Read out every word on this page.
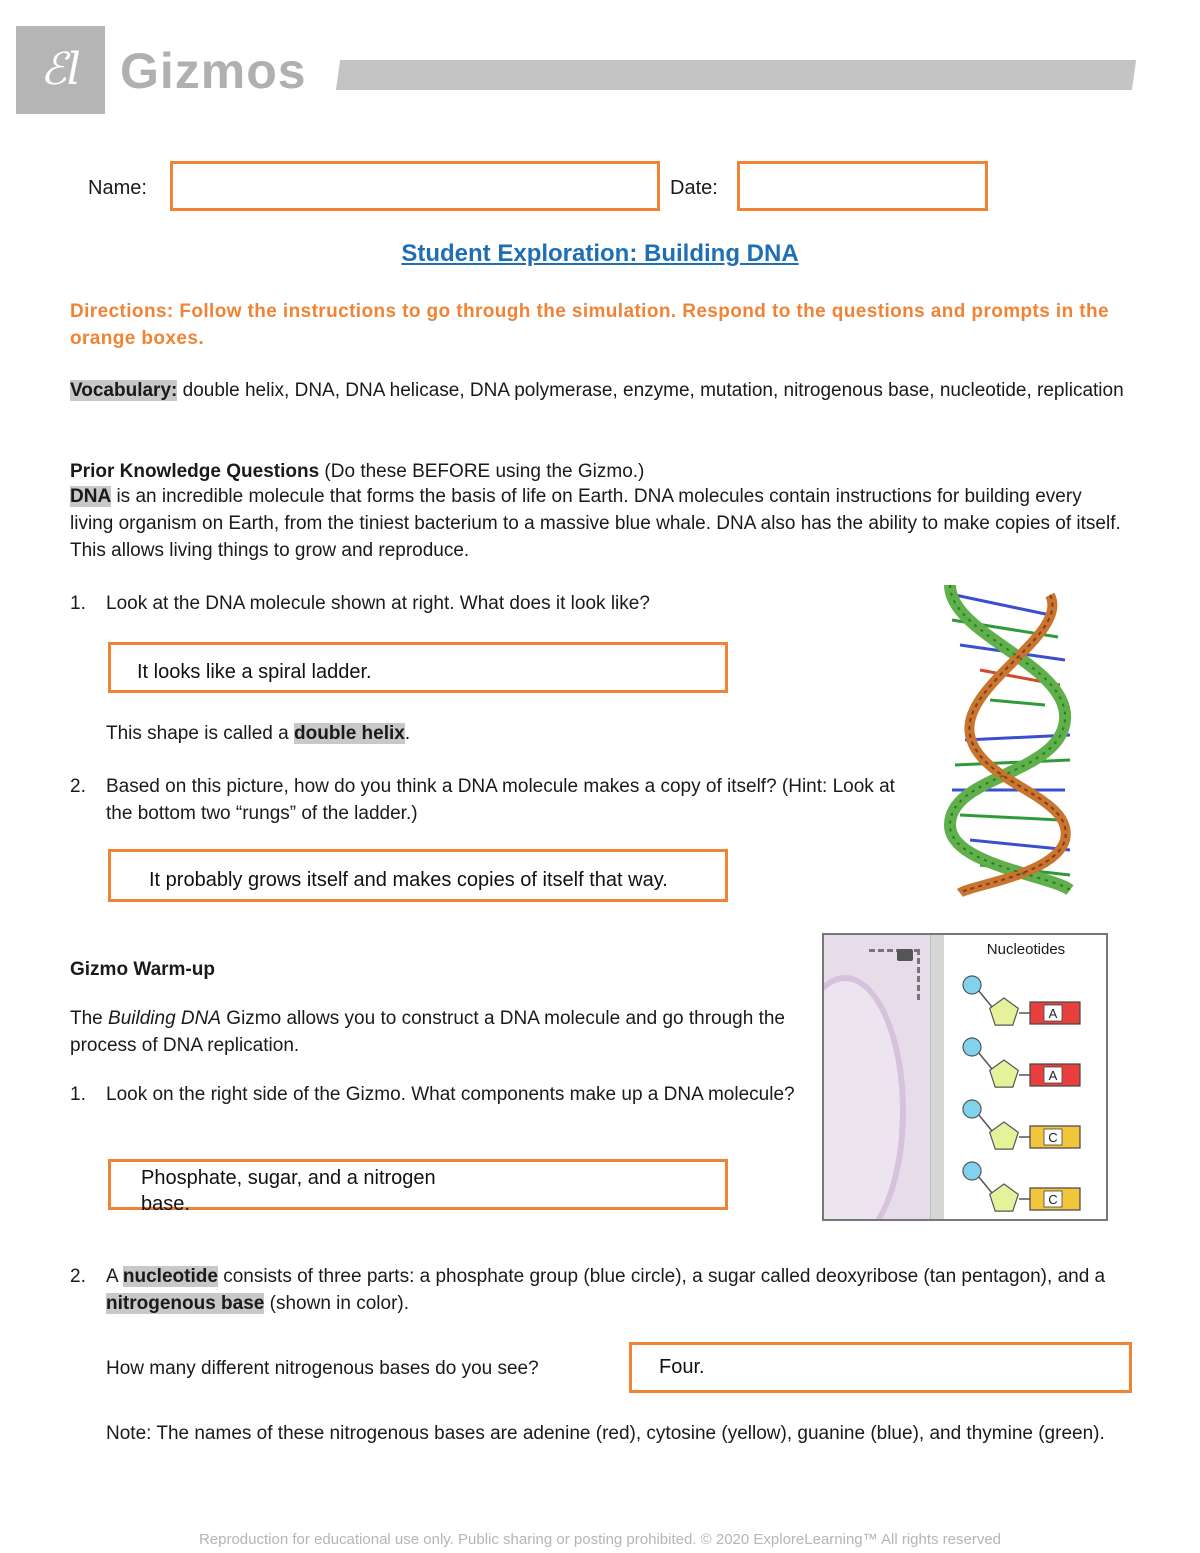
ℰl Gizmos
Name:	Date:
Student Exploration: Building DNA
Directions: Follow the instructions to go through the simulation. Respond to the questions and prompts in the orange boxes.
Vocabulary: double helix, DNA, DNA helicase, DNA polymerase, enzyme, mutation, nitrogenous base, nucleotide, replication
Prior Knowledge Questions (Do these BEFORE using the Gizmo.)
DNA is an incredible molecule that forms the basis of life on Earth. DNA molecules contain instructions for building every living organism on Earth, from the tiniest bacterium to a massive blue whale. DNA also has the ability to make copies of itself. This allows living things to grow and reproduce.
1.	Look at the DNA molecule shown at right. What does it look like?
It looks like a spiral ladder.
This shape is called a double helix.
2.	Based on this picture, how do you think a DNA molecule makes a copy of itself? (Hint: Look at the bottom two “rungs” of the ladder.)
It probably grows itself and makes copies of itself that way.
Gizmo Warm-up
The Building DNA Gizmo allows you to construct a DNA molecule and go through the process of DNA replication.
1.	Look on the right side of the Gizmo. What components make up a DNA molecule?
Phosphate, sugar, and a nitrogen base.
Nucleotides
A
A
C
C
2.	A nucleotide consists of three parts: a phosphate group (blue circle), a sugar called deoxyribose (tan pentagon), and a nitrogenous base (shown in color).
How many different nitrogenous bases do you see?	Four.
Note: The names of these nitrogenous bases are adenine (red), cytosine (yellow), guanine (blue), and thymine (green).
Reproduction for educational use only. Public sharing or posting prohibited. © 2020 ExploreLearning™ All rights reserved
